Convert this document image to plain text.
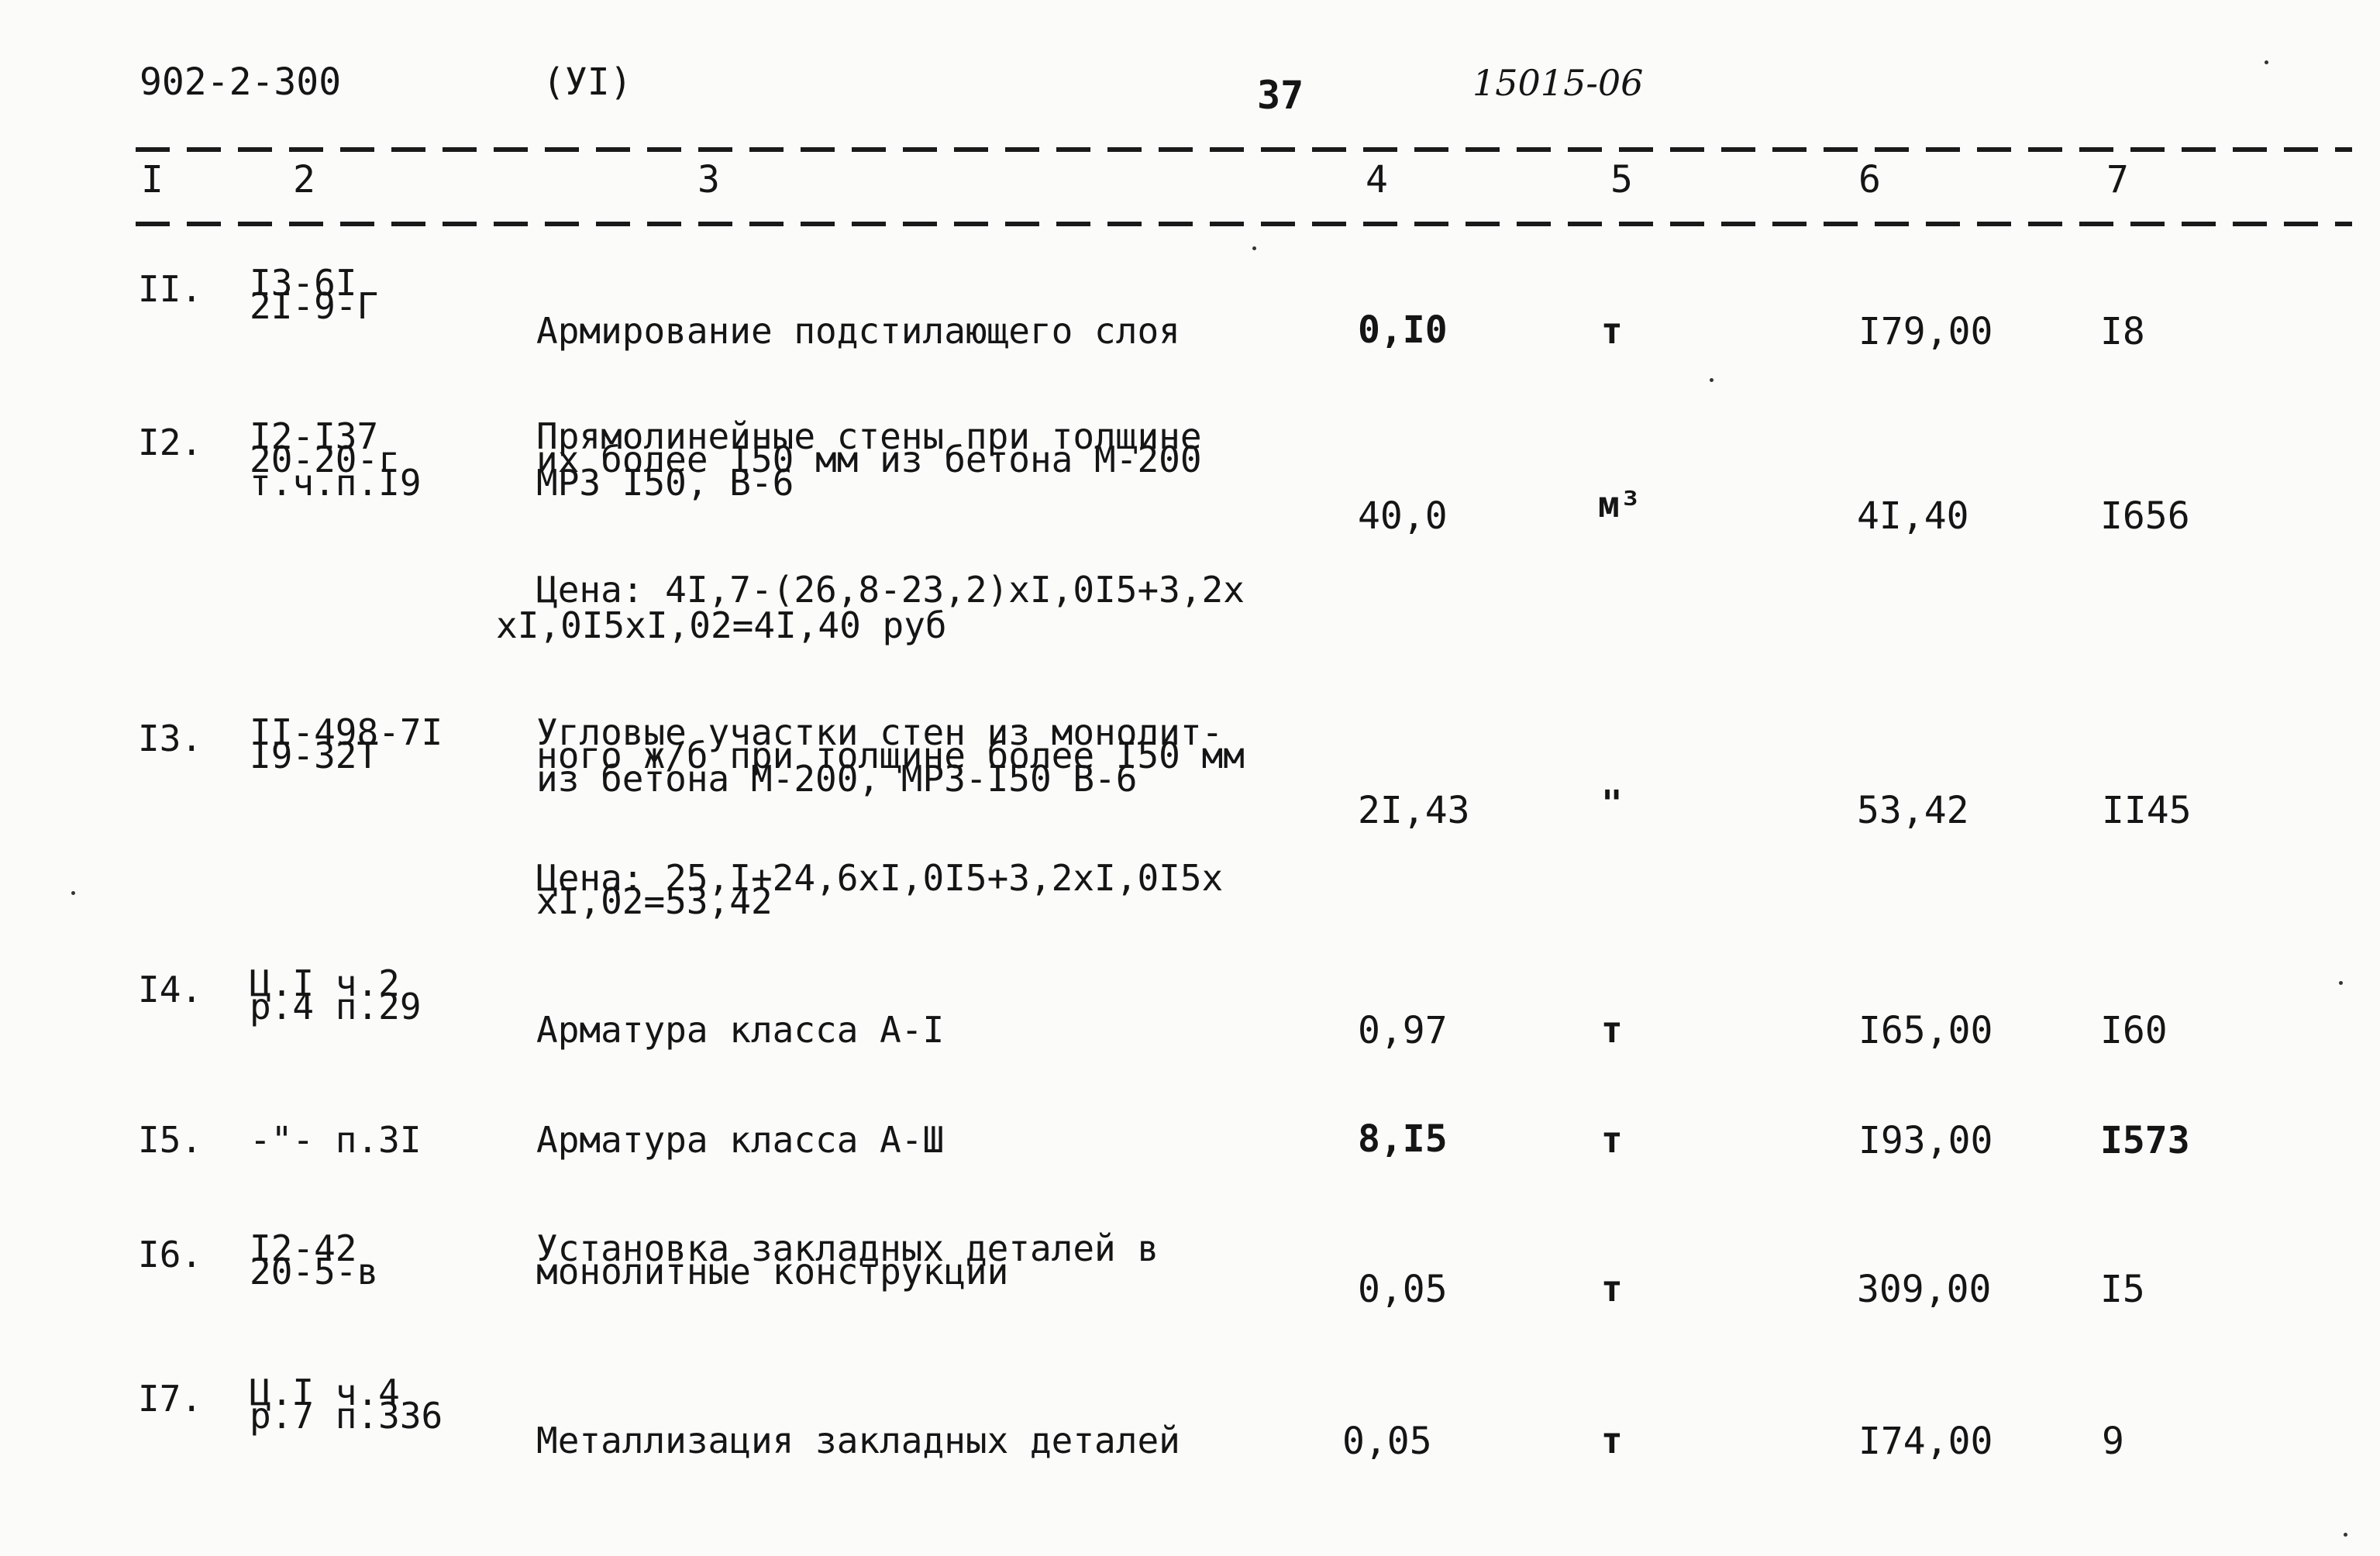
902-2-300	(УI)	37	15015-06
I	2	3	4	5	6	7
II. I3-6I
2I-9-Г
Армирование подстилающего слоя	0,I0	т	I79,00	I8
I2. I2-I37
20-20-г
т.ч.п.I9
Прямолинейные стены при толщине
их более I50 мм из бетона М-200
МРЗ I50, В-6
40,0	м³	4I,40	I656
Цена: 4I,7-(26,8-23,2)хI,0I5+3,2х
хI,0I5хI,02=4I,40 руб
I3. II-498-7I
I9-32Т
Угловые участки стен из монолит-
ного ж/б при толщине более I50 мм
из бетона М-200, МРЗ-I50 В-6
2I,43	"	53,42	II45
Цена: 25,I+24,6хI,0I5+3,2хI,0I5х
хI,02=53,42
I4. Ц.I ч.2
р.4 п.29
Арматура класса А-I	0,97	т	I65,00	I60
I5. -"- п.3I	Арматура класса А-Ш	8,I5	т	I93,00	I573
I6. I2-42
20-5-в
Установка закладных деталей в
монолитные конструкции	0,05	т	309,00	I5
I7. Ц.I ч.4
р.7 п.336
Металлизация закладных деталей	0,05	т	I74,00	9
